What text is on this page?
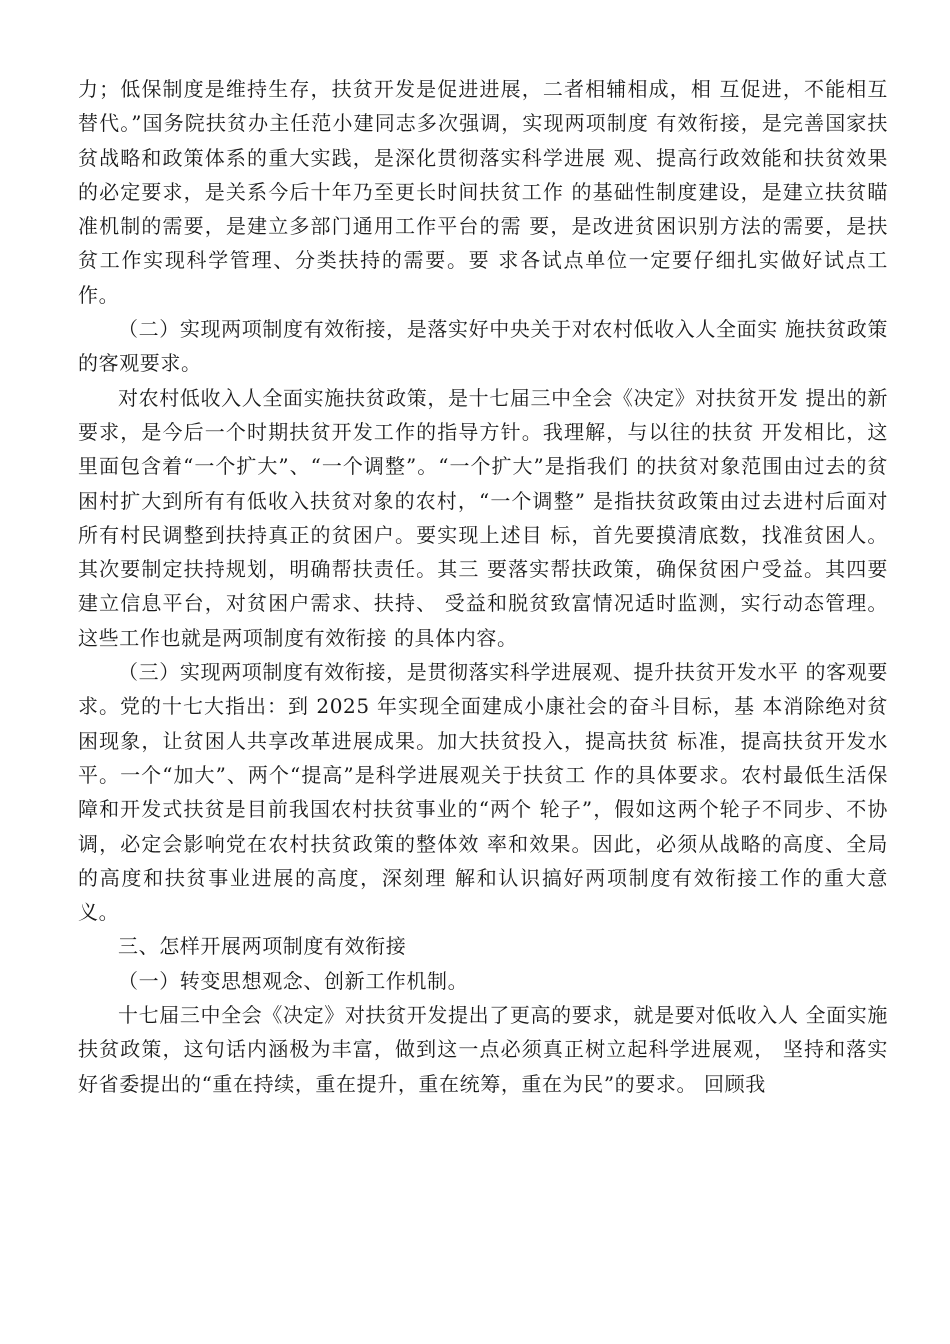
力；低保制度是维持生存，扶贫开发是促进进展，二者相辅相成，相 互促进，不能相互替代。”国务院扶贫办主任范小建同志多次强调，实现两项制度 有效衔接，是完善国家扶贫战略和政策体系的重大实践，是深化贯彻落实科学进展 观、提高行政效能和扶贫效果的必定要求，是关系今后十年乃至更长时间扶贫工作 的基础性制度建设，是建立扶贫瞄准机制的需要，是建立多部门通用工作平台的需 要，是改进贫困识别方法的需要，是扶贫工作实现科学管理、分类扶持的需要。要 求各试点单位一定要仔细扎实做好试点工作。

（二）实现两项制度有效衔接，是落实好中央关于对农村低收入人全面实 施扶贫政策的客观要求。

对农村低收入人全面实施扶贫政策，是十七届三中全会《决定》对扶贫开发 提出的新要求，是今后一个时期扶贫开发工作的指导方针。我理解，与以往的扶贫 开发相比，这里面包含着“一个扩大”、“一个调整”。“一个扩大”是指我们 的扶贫对象范围由过去的贫困村扩大到所有有低收入扶贫对象的农村，“一个调整” 是指扶贫政策由过去进村后面对所有村民调整到扶持真正的贫困户。要实现上述目 标，首先要摸清底数，找准贫困人。其次要制定扶持规划，明确帮扶责任。其三 要落实帮扶政策，确保贫困户受益。其四要建立信息平台，对贫困户需求、扶持、 受益和脱贫致富情况适时监测，实行动态管理。这些工作也就是两项制度有效衔接 的具体内容。

（三）实现两项制度有效衔接，是贯彻落实科学进展观、提升扶贫开发水平 的客观要求。党的十七大指出：到 2025 年实现全面建成小康社会的奋斗目标，基 本消除绝对贫困现象，让贫困人共享改革进展成果。加大扶贫投入，提高扶贫 标准，提高扶贫开发水平。一个“加大”、两个“提高”是科学进展观关于扶贫工 作的具体要求。农村最低生活保障和开发式扶贫是目前我国农村扶贫事业的“两个 轮子”，假如这两个轮子不同步、不协调，必定会影响党在农村扶贫政策的整体效 率和效果。因此，必须从战略的高度、全局的高度和扶贫事业进展的高度，深刻理 解和认识搞好两项制度有效衔接工作的重大意义。

三、怎样开展两项制度有效衔接

（一）转变思想观念、创新工作机制。

十七届三中全会《决定》对扶贫开发提出了更高的要求，就是要对低收入人 全面实施扶贫政策，这句话内涵极为丰富，做到这一点必须真正树立起科学进展观， 坚持和落实好省委提出的“重在持续，重在提升，重在统筹，重在为民”的要求。 回顾我
